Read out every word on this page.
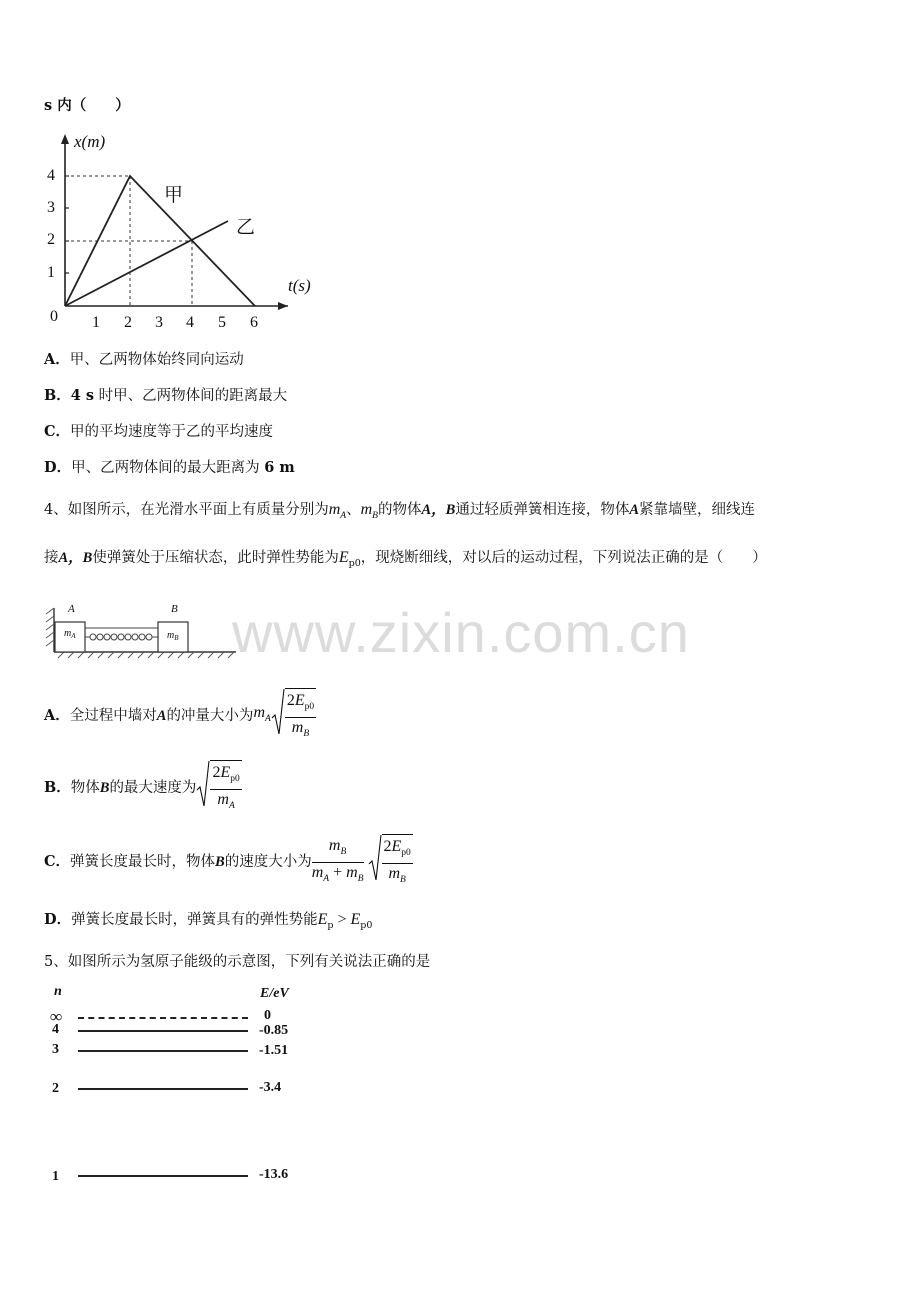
s 内（　　）
x(m)
t(s)
0 1 2 3 4 5 6
1
2
3
4
甲
乙
A．甲、乙两物体始终同向运动
B．4 s 时甲、乙两物体间的距离最大
C．甲的平均速度等于乙的平均速度
D．甲、乙两物体间的最大距离为 6 m
4、如图所示，在光滑水平面上有质量分别为$m_A$、$m_B$的物体A，B通过轻质弹簧相连接，物体A紧靠墙壁，细线连
接A，B使弹簧处于压缩状态，此时弹性势能为$E_{p0}$，现烧断细线，对以后的运动过程，下列说法正确的是（　　）
A	B
$m_A$	$m_B$ www.zixin.com.cn
A．全过程中墙对A的冲量大小为$m_A \frac{2E_{p0}}{m_B}$
B．物体B的最大速度为 $\frac{2E_{p0}}{m_A}$
C．弹簧长度最长时，物体B的速度大小为 $\frac{m_B}{m_A + m_B} \frac{2E_{p0}}{m_B}$
D．弹簧长度最长时，弹簧具有的弹性势能$E_p > E_{p0}$
5、如图所示为氢原子能级的示意图，下列有关说法正确的是
n	E/eV
∞	0
4	-0.85
3	-1.51
2	-3.4
1	-13.6
